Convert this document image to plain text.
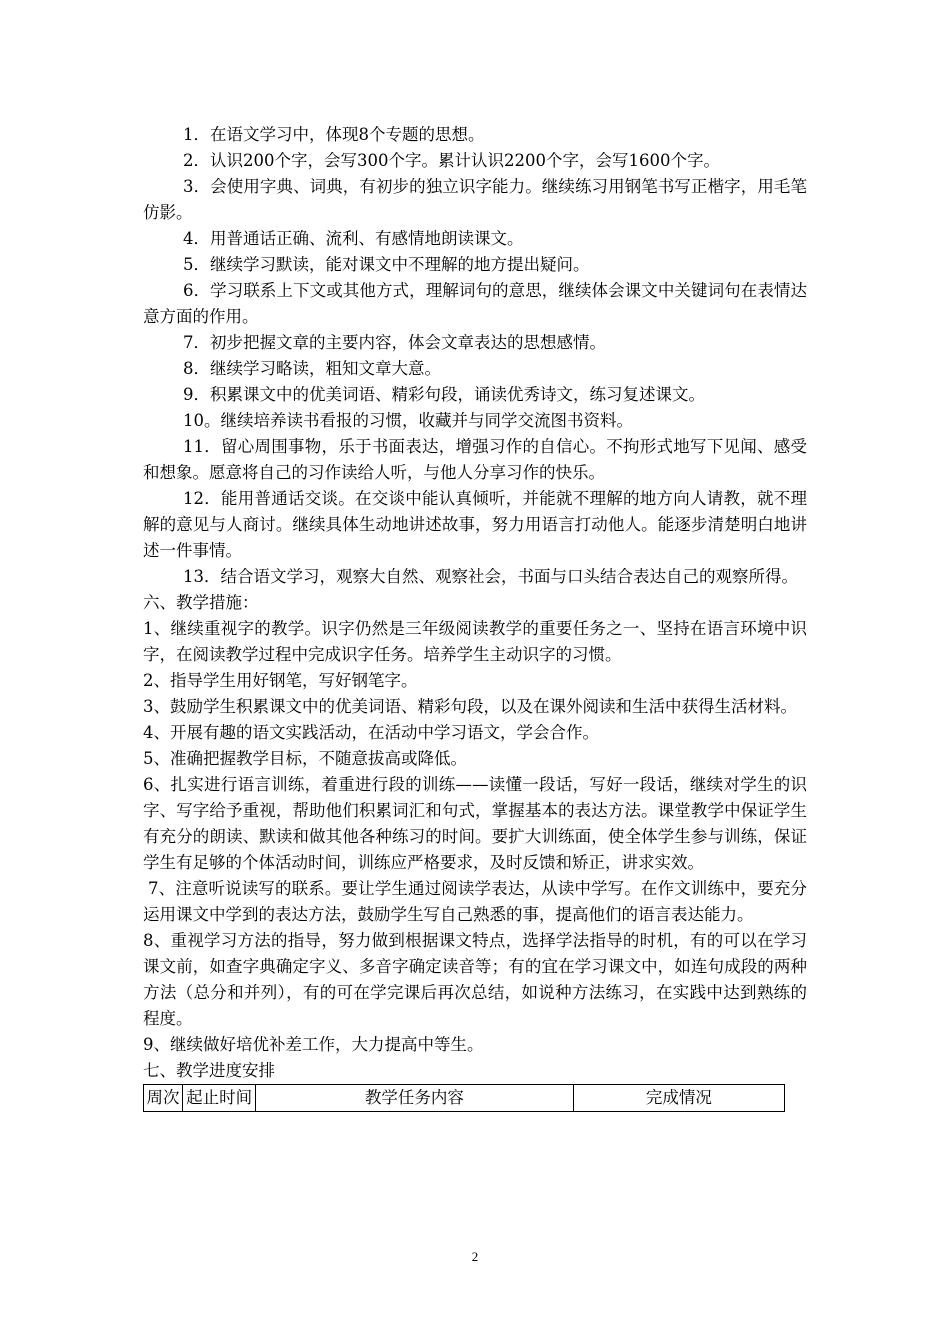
1．在语文学习中，体现8个专题的思想。

2．认识200个字，会写300个字。累计认识2200个字，会写1600个字。

3．会使用字典、词典，有初步的独立识字能力。继续练习用钢笔书写正楷字，用毛笔仿影。

4．用普通话正确、流利、有感情地朗读课文。

5．继续学习默读，能对课文中不理解的地方提出疑问。

6．学习联系上下文或其他方式，理解词句的意思，继续体会课文中关键词句在表情达意方面的作用。

7．初步把握文章的主要内容，体会文章表达的思想感情。

8．继续学习略读，粗知文章大意。

9．积累课文中的优美词语、精彩句段，诵读优秀诗文，练习复述课文。

10。继续培养读书看报的习惯，收藏并与同学交流图书资料。

11．留心周围事物，乐于书面表达，增强习作的自信心。不拘形式地写下见闻、感受和想象。愿意将自己的习作读给人听，与他人分享习作的快乐。

12．能用普通话交谈。在交谈中能认真倾听，并能就不理解的地方向人请教，就不理解的意见与人商讨。继续具体生动地讲述故事，努力用语言打动他人。能逐步清楚明白地讲述一件事情。

13．结合语文学习，观察大自然、观察社会，书面与口头结合表达自己的观察所得。

六、教学措施：

1、继续重视字的教学。识字仍然是三年级阅读教学的重要任务之一、坚持在语言环境中识字，在阅读教学过程中完成识字任务。培养学生主动识字的习惯。

2、指导学生用好钢笔，写好钢笔字。

3、鼓励学生积累课文中的优美词语、精彩句段，以及在课外阅读和生活中获得生活材料。

4、开展有趣的语文实践活动，在活动中学习语文，学会合作。

5、准确把握教学目标，不随意拔高或降低。

6、扎实进行语言训练，着重进行段的训练——读懂一段话，写好一段话，继续对学生的识字、写字给予重视，帮助他们积累词汇和句式，掌握基本的表达方法。课堂教学中保证学生有充分的朗读、默读和做其他各种练习的时间。要扩大训练面，使全体学生参与训练，保证学生有足够的个体活动时间，训练应严格要求，及时反馈和矫正，讲求实效。

7、注意听说读写的联系。要让学生通过阅读学表达，从读中学写。在作文训练中，要充分运用课文中学到的表达方法，鼓励学生写自己熟悉的事，提高他们的语言表达能力。

8、重视学习方法的指导，努力做到根据课文特点，选择学法指导的时机，有的可以在学习课文前，如查字典确定字义、多音字确定读音等；有的宜在学习课文中，如连句成段的两种方法（总分和并列），有的可在学完课后再次总结，如说种方法练习，在实践中达到熟练的程度。

9、继续做好培优补差工作，大力提高中等生。

七、教学进度安排

周次	起止时间	教学任务内容	完成情况
2
